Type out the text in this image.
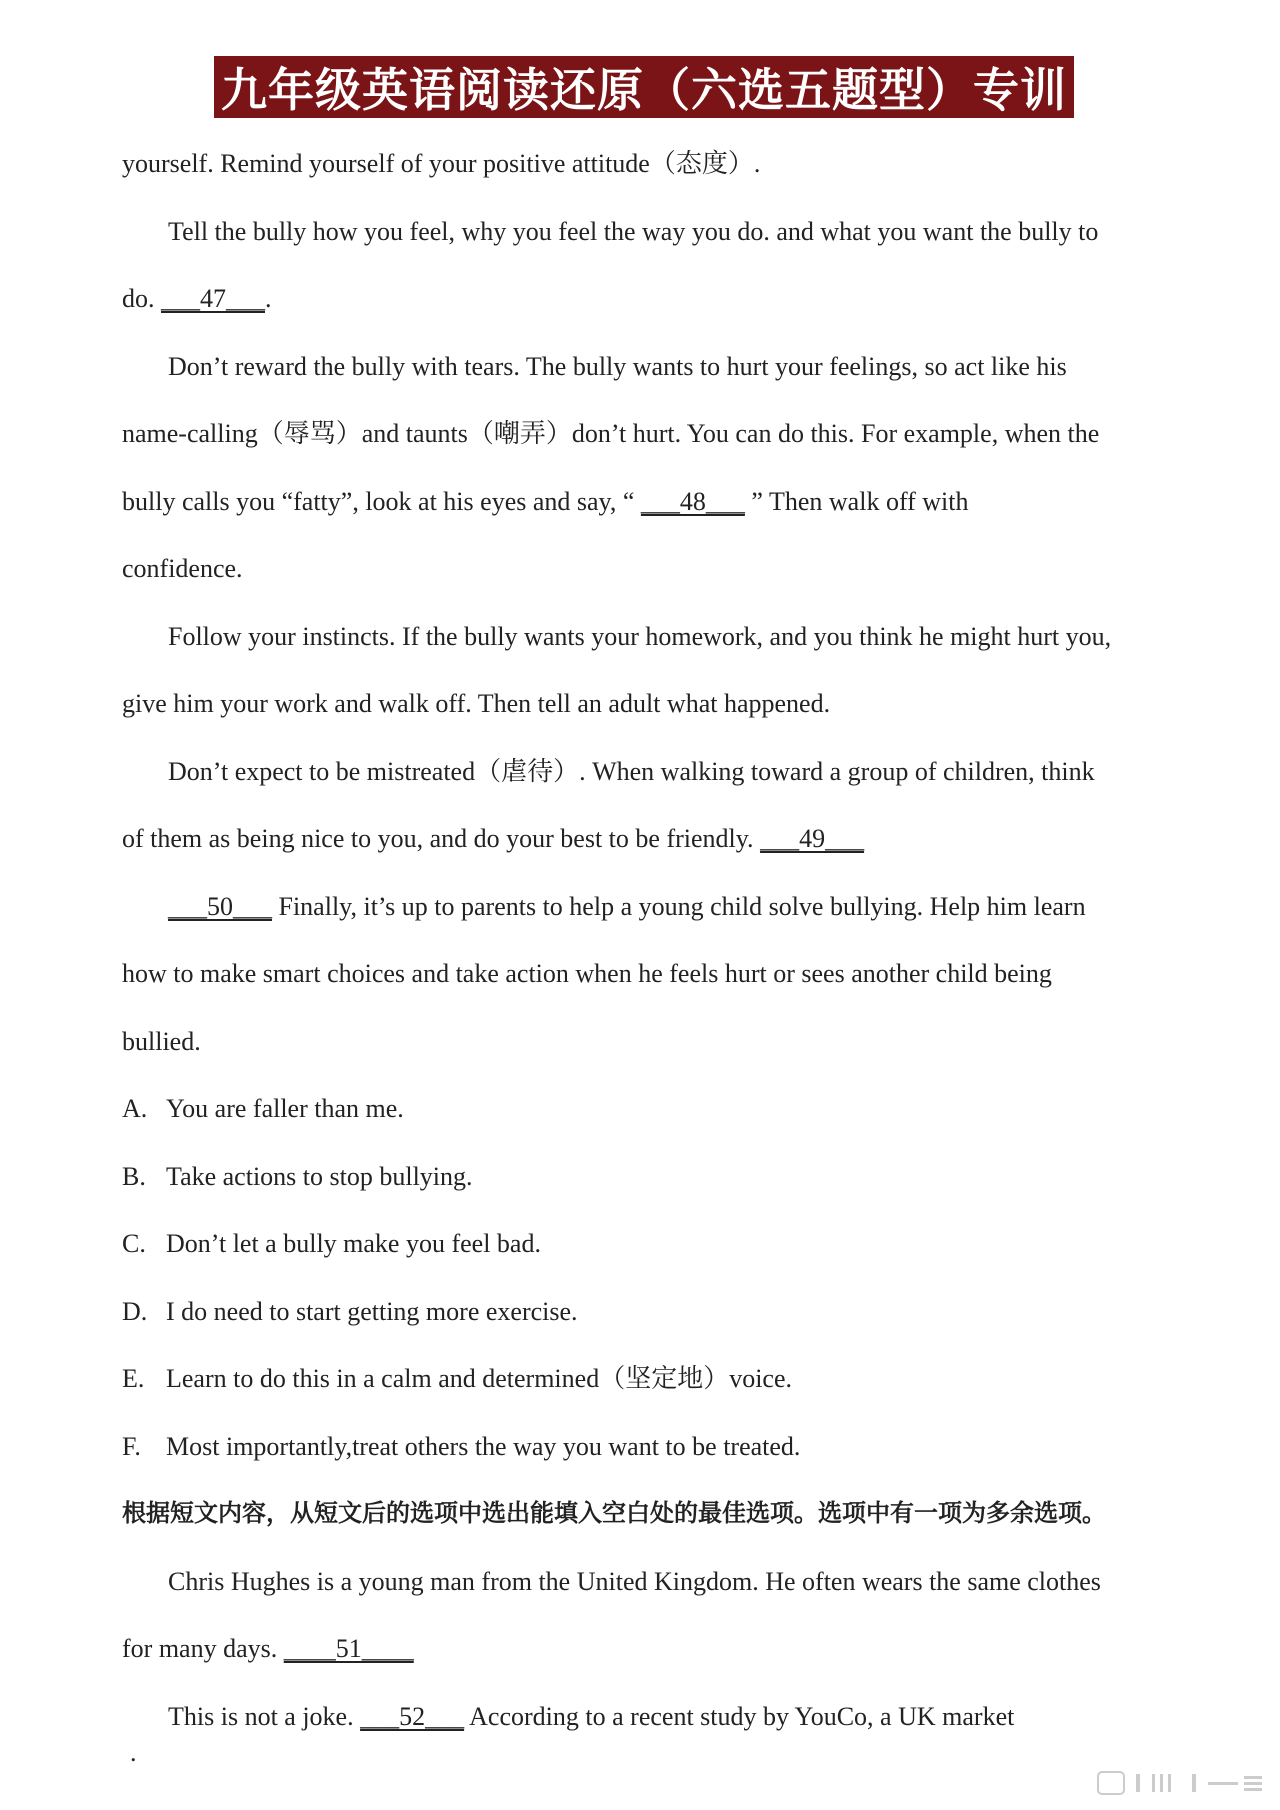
九年级英语阅读还原（六选五题型）专训
yourself. Remind yourself of your positive attitude（态度）.
Tell the bully how you feel, why you feel the way you do. and what you want the bully to
do. ___47___.
Don’t reward the bully with tears. The bully wants to hurt your feelings, so act like his
name-calling（辱骂）and taunts（嘲弄）don’t hurt. You can do this. For example, when the
bully calls you “fatty”, look at his eyes and say, “ ___48___ ” Then walk off with
confidence.
Follow your instincts. If the bully wants your homework, and you think he might hurt you,
give him your work and walk off. Then tell an adult what happened.
Don’t expect to be mistreated（虐待）. When walking toward a group of children, think
of them as being nice to you, and do your best to be friendly. ___49___
___50___ Finally, it’s up to parents to help a young child solve bullying. Help him learn
how to make smart choices and take action when he feels hurt or sees another child being
bullied.
A. You are faller than me.
B. Take actions to stop bullying.
C. Don’t let a bully make you feel bad.
D. I do need to start getting more exercise.
E. Learn to do this in a calm and determined（坚定地）voice.
F. Most importantly,treat others the way you want to be treated.
根据短文内容，从短文后的选项中选出能填入空白处的最佳选项。选项中有一项为多余选项。
Chris Hughes is a young man from the United Kingdom. He often wears the same clothes
for many days. ____51____
This is not a joke. ___52___ According to a recent study by YouCo, a UK market
.
